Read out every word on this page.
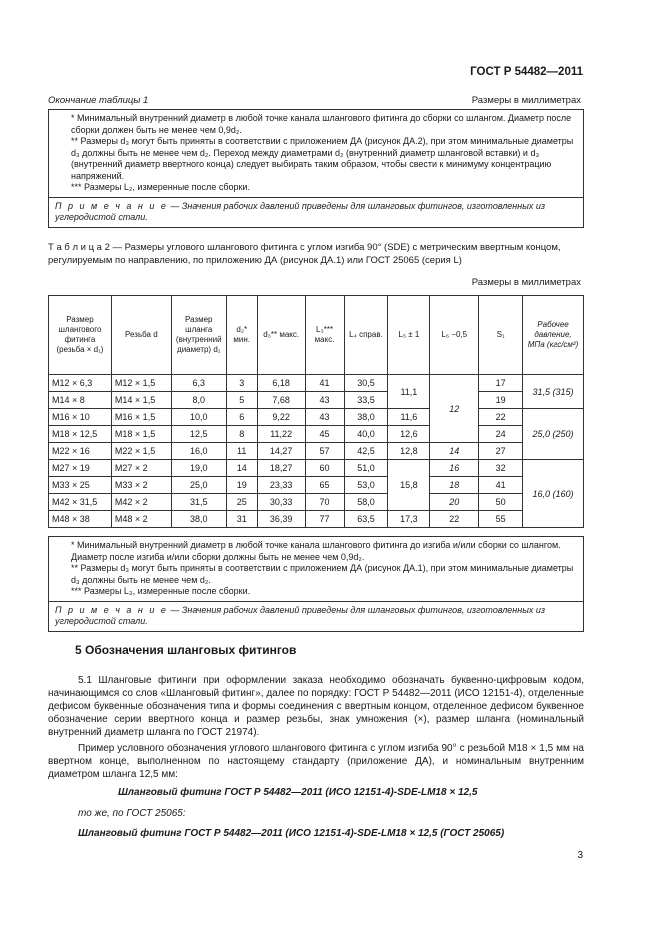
ГОСТ Р 54482—2011
Окончание таблицы 1	Размеры в миллиметрах

* Минимальный внутренний диаметр в любой точке канала шлангового фитинга до сборки со шлангом. Диаметр после сборки должен быть не менее чем 0,9d₂.

** Размеры d₃ могут быть приняты в соответствии с приложением ДА (рисунок ДА.2), при этом минимальные диаметры d₃ должны быть не менее чем d₂. Переход между диаметрами d₂ (внутренний диаметр шланговой вставки) и d₃ (внутренний диаметр ввертного конца) следует выбирать таким образом, чтобы свести к минимуму концентрацию напряжений.

*** Размеры L₂, измеренные после сборки.

П р и м е ч а н и е — Значения рабочих давлений приведены для шланговых фитингов, изготовленных из углеродистой стали.
Т а б л и ц а 2 — Размеры углового шлангового фитинга с углом изгиба 90° (SDE) с метрическим ввертным концом, регулируемым по направлению, по приложению ДА (рисунок ДА.1) или ГОСТ 25065 (серия L)
Размеры в миллиметрах
Размер шлангового фитинга (резьба × d₁)	Резьба d	Размер шланга (внутренний диаметр) d₁	d₂* мин.	d₃** макс.	L₃*** макс.	L₄ справ.	L₅ ± 1	L₆ −0,5	S₁	Рабочее давление, МПа (кгс/см²)
M12 × 6,3	M12 × 1,5	6,3	3	6,18	41	30,5	11,1	12	17	31,5 (315)
M14 × 8	M14 × 1,5	8,0	5	7,68	43	33,5			19	
M16 × 10	M16 × 1,5	10,0	6	9,22	43	38,0	11,6		22	25,0 (250)
M18 × 12,5	M18 × 1,5	12,5	8	11,22	45	40,0	12,6		24	
M22 × 16	M22 × 1,5	16,0	11	14,27	57	42,5	12,8	14	27	
M27 × 19	M27 × 2	19,0	14	18,27	60	51,0	15,8	16	32	16,0 (160)
M33 × 25	M33 × 2	25,0	19	23,33	65	53,0		18	41	
M42 × 31,5	M42 × 2	31,5	25	30,33	70	58,0		20	50	
M48 × 38	M48 × 2	38,0	31	36,39	77	63,5	17,3	22	55	

* Минимальный внутренний диаметр в любой точке канала шлангового фитинга до изгиба и/или сборки со шлангом. Диаметр после изгиба и/или сборки должны быть не менее чем 0,9d₂.

** Размеры d₃ могут быть приняты в соответствии с приложением ДА (рисунок ДА.1), при этом минимальные диаметры d₃ должны быть не менее чем d₂.

*** Размеры L₃, измеренные после сборки.

П р и м е ч а н и е — Значения рабочих давлений приведены для шланговых фитингов, изготовленных из углеродистой стали.
5 Обозначения шланговых фитингов
5.1 Шланговые фитинги при оформлении заказа необходимо обозначать буквенно-цифровым кодом, начинающимся со слов «Шланговый фитинг», далее по порядку: ГОСТ Р 54482—2011 (ИСО 12151-4), отделенные дефисом буквенные обозначения типа и формы соединения с ввертным концом, отделенное дефисом буквенное обозначение серии ввертного конца и размер резьбы, знак умножения (×), размер шланга (номинальный внутренний диаметр шланга по ГОСТ 21974).
Пример условного обозначения углового шлангового фитинга с углом изгиба 90° с резьбой M18 × 1,5 мм на ввертном конце, выполненном по настоящему стандарту (приложение ДА), и номинальным внутренним диаметром шланга 12,5 мм:
Шланговый фитинг ГОСТ Р 54482—2011 (ИСО 12151-4)-SDE-LM18 × 12,5
то же, по ГОСТ 25065:
Шланговый фитинг ГОСТ Р 54482—2011 (ИСО 12151-4)-SDE-LM18 × 12,5 (ГОСТ 25065)
3
